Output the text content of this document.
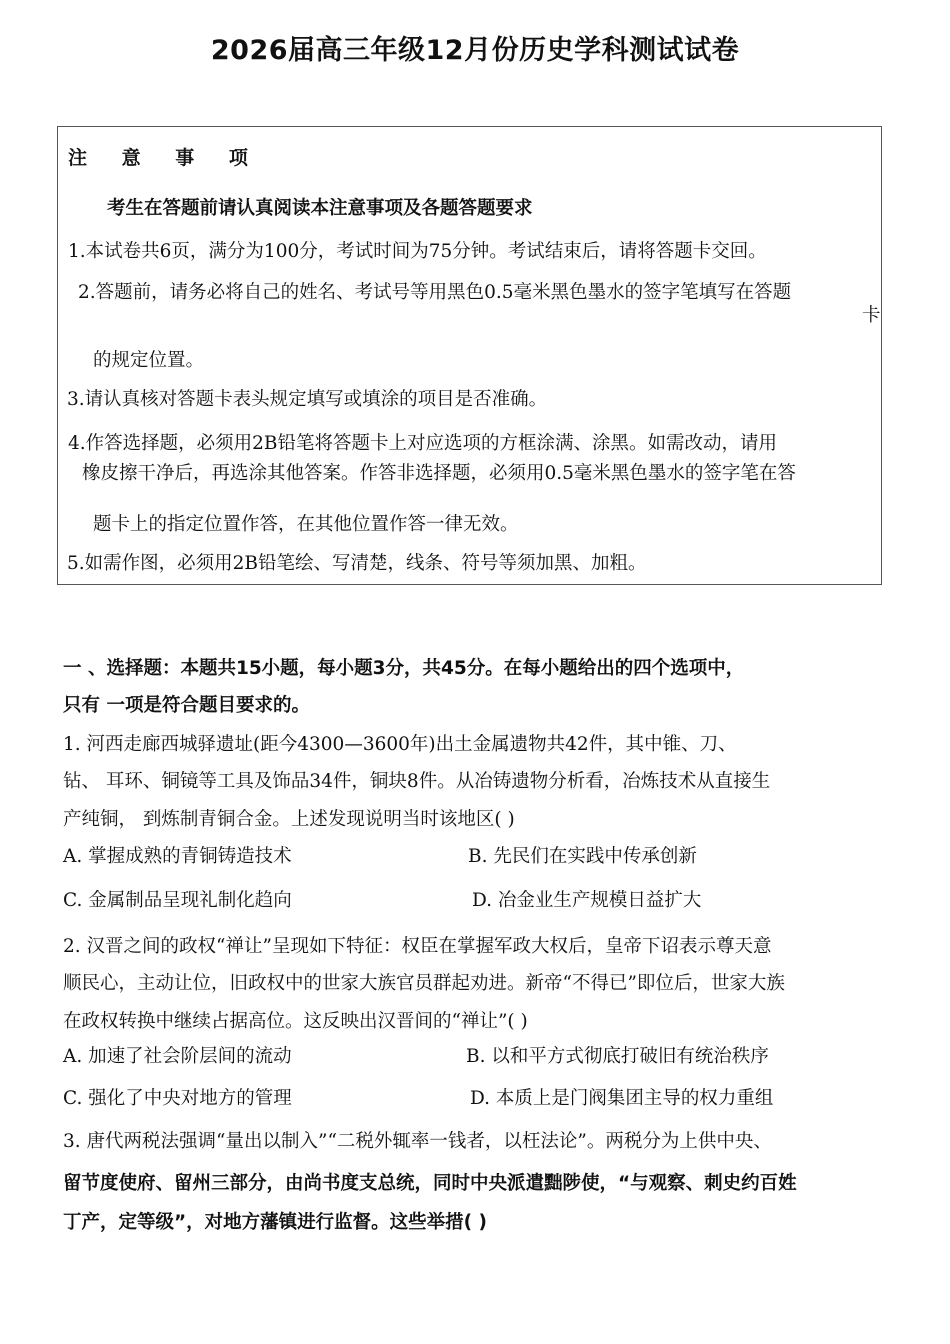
2026届高三年级12月份历史学科测试试卷
注 意 事 项
考生在答题前请认真阅读本注意事项及各题答题要求
1.本试卷共6页，满分为100分，考试时间为75分钟。考试结束后，请将答题卡交回。
2.答题前，请务必将自己的姓名、考试号等用黑色0.5毫米黑色墨水的签字笔填写在答题
卡
的规定位置。
3.请认真核对答题卡表头规定填写或填涂的项目是否准确。
4.作答选择题，必须用2B铅笔将答题卡上对应选项的方框涂满、涂黑。如需改动，请用
橡皮擦干净后，再选涂其他答案。作答非选择题，必须用0.5毫米黑色墨水的签字笔在答
题卡上的指定位置作答，在其他位置作答一律无效。
5.如需作图，必须用2B铅笔绘、写清楚，线条、符号等须加黑、加粗。
一 、选择题：本题共15小题，每小题3分，共45分。在每小题给出的四个选项中，
只有 一项是符合题目要求的。
1. 河西走廊西城驿遗址(距今4300—3600年)出土金属遗物共42件，其中锥、刀、
钻、 耳环、铜镜等工具及饰品34件，铜块8件。从冶铸遗物分析看，冶炼技术从直接生
产纯铜， 到炼制青铜合金。上述发现说明当时该地区( )
A. 掌握成熟的青铜铸造技术	B. 先民们在实践中传承创新
C. 金属制品呈现礼制化趋向	D. 冶金业生产规模日益扩大
2. 汉晋之间的政权“禅让”呈现如下特征：权臣在掌握军政大权后，皇帝下诏表示尊天意
顺民心，主动让位，旧政权中的世家大族官员群起劝进。新帝“不得已”即位后，世家大族
在政权转换中继续占据高位。这反映出汉晋间的“禅让”( )
A. 加速了社会阶层间的流动	B. 以和平方式彻底打破旧有统治秩序
C. 强化了中央对地方的管理	D. 本质上是门阀集团主导的权力重组
3. 唐代两税法强调“量出以制入”“二税外辄率一钱者，以枉法论”。两税分为上供中央、
留节度使府、留州三部分，由尚书度支总统，同时中央派遣黜陟使，“与观察、刺史约百姓
丁产，定等级”，对地方藩镇进行监督。这些举措( )
